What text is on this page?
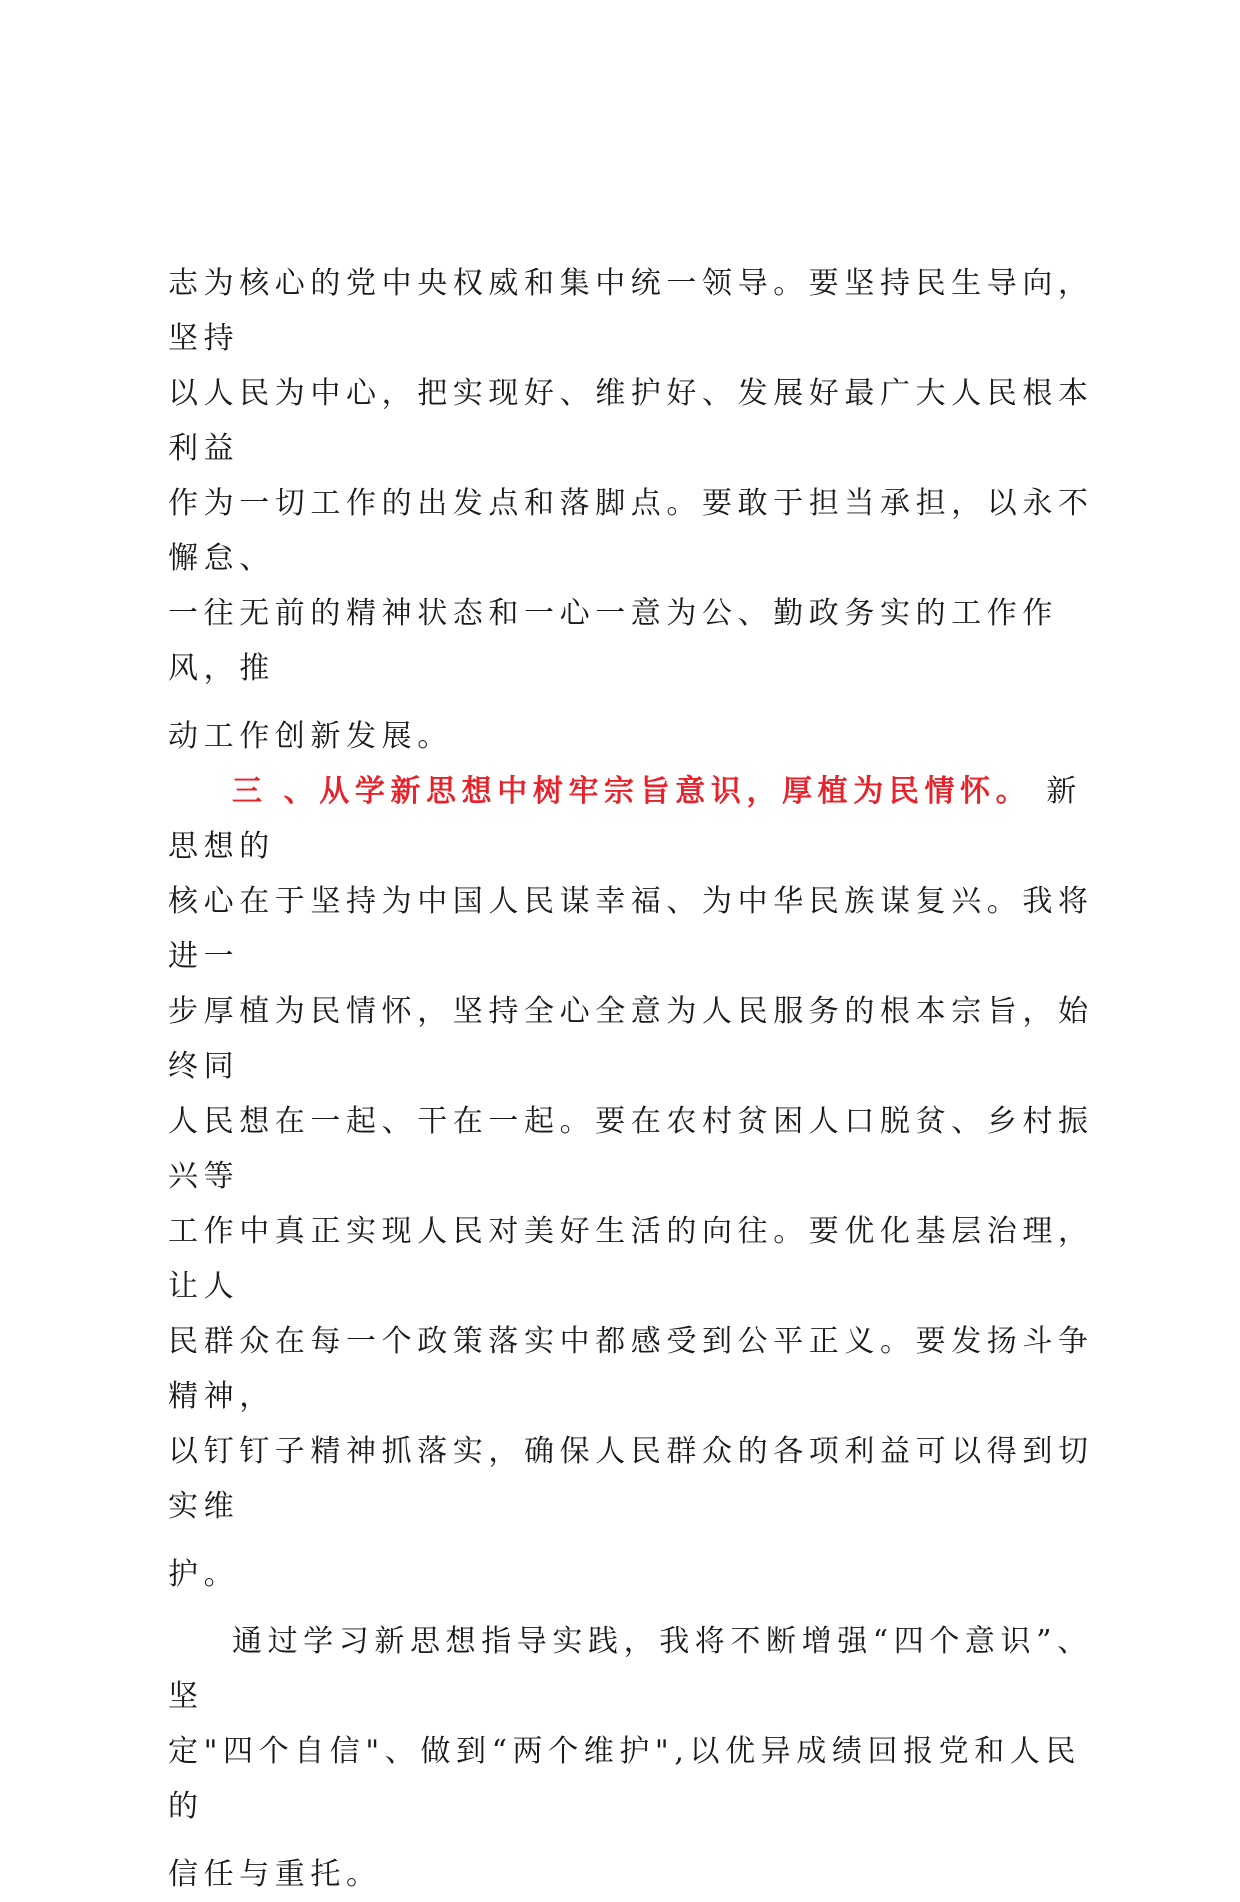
志为核心的党中央权威和集中统一领导。要坚持民生导向，坚持
以人民为中心，把实现好、维护好、发展好最广大人民根本利益
作为一切工作的出发点和落脚点。要敢于担当承担，以永不懈怠、
一往无前的精神状态和一心一意为公、勤政务实的工作作风，推
动工作创新发展。

三 、从学新思想中树牢宗旨意识，厚植为民情怀。 新思想的
核心在于坚持为中国人民谋幸福、为中华民族谋复兴。我将进一
步厚植为民情怀，坚持全心全意为人民服务的根本宗旨，始终同
人民想在一起、干在一起。要在农村贫困人口脱贫、乡村振兴等
工作中真正实现人民对美好生活的向往。要优化基层治理，让人
民群众在每一个政策落实中都感受到公平正义。要发扬斗争精神，
以钉钉子精神抓落实，确保人民群众的各项利益可以得到切实维
护。

通过学习新思想指导实践，我将不断增强“四个意识”、坚
定"四个自信"、做到“两个维护",以优异成绩回报党和人民的
信任与重托。
